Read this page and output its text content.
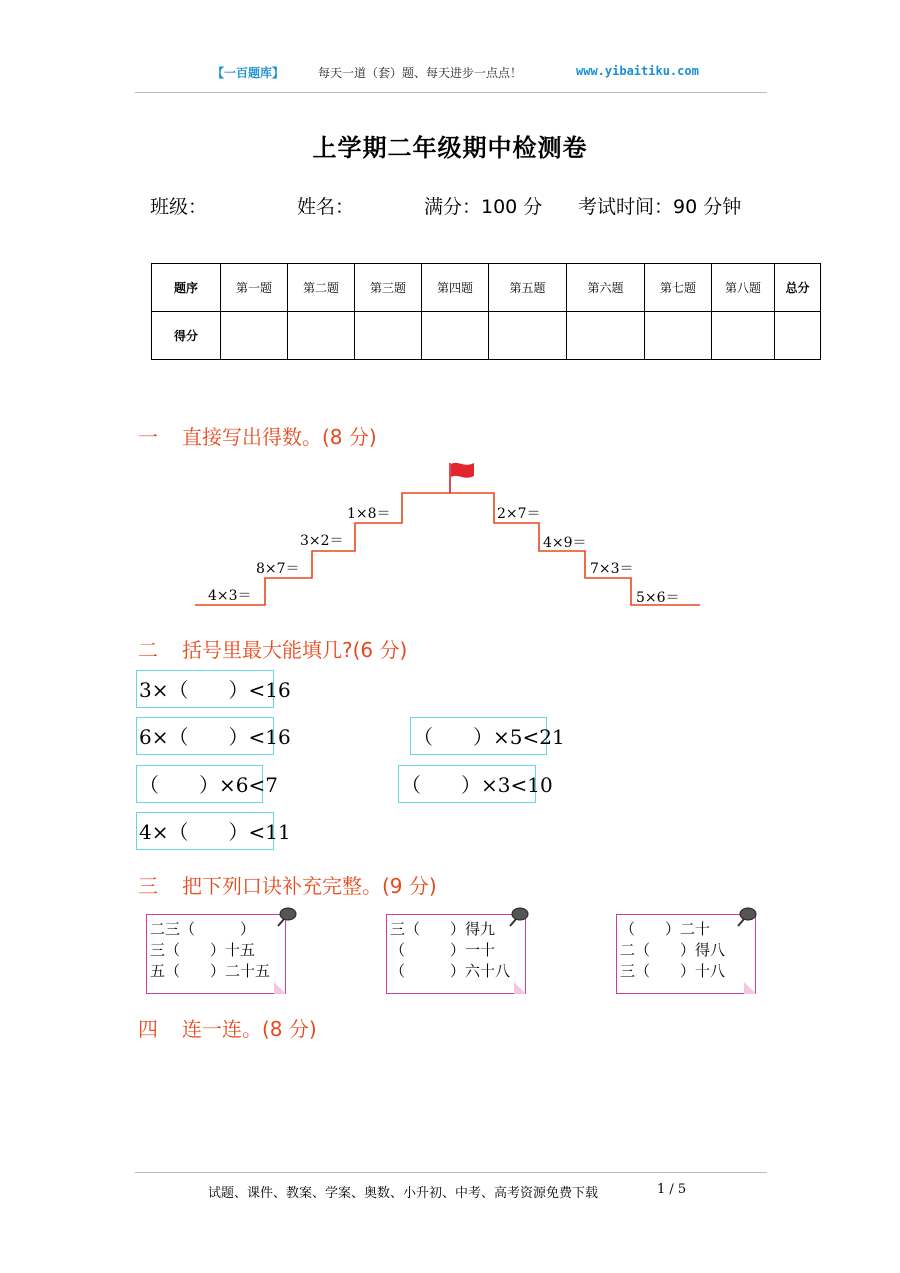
【一百题库】	每天一道（套）题、每天进步一点点！	www.yibaitiku.com
上学期二年级期中检测卷
班级：	姓名：	满分：100 分 考试时间：90 分钟
题序	第一题	第二题	第三题	第四题	第五题	第六题	第七题	第八题	总分
得分									
一 直接写出得数。(8 分)
4×3＝
8×7＝
3×2＝
1×8＝	2×7＝
4×9＝
7×3＝
5×6＝
二 括号里最大能填几?(6 分)
3×（　　）<16
6×（　　）<16	（　　）×5<21
（　　）×6<7	（　　）×3<10
4×（　　）<11
三 把下列口诀补充完整。(9 分)
二三（　　　）
三（　　）十五
五（　　）二十五
三（　　）得九
（　　　）一十
（　　　）六十八
（　　）二十
二（　　）得八
三（　　）十八
四 连一连。(8 分)
试题、课件、教案、学案、奥数、小升初、中考、高考资源免费下载	1 / 5
